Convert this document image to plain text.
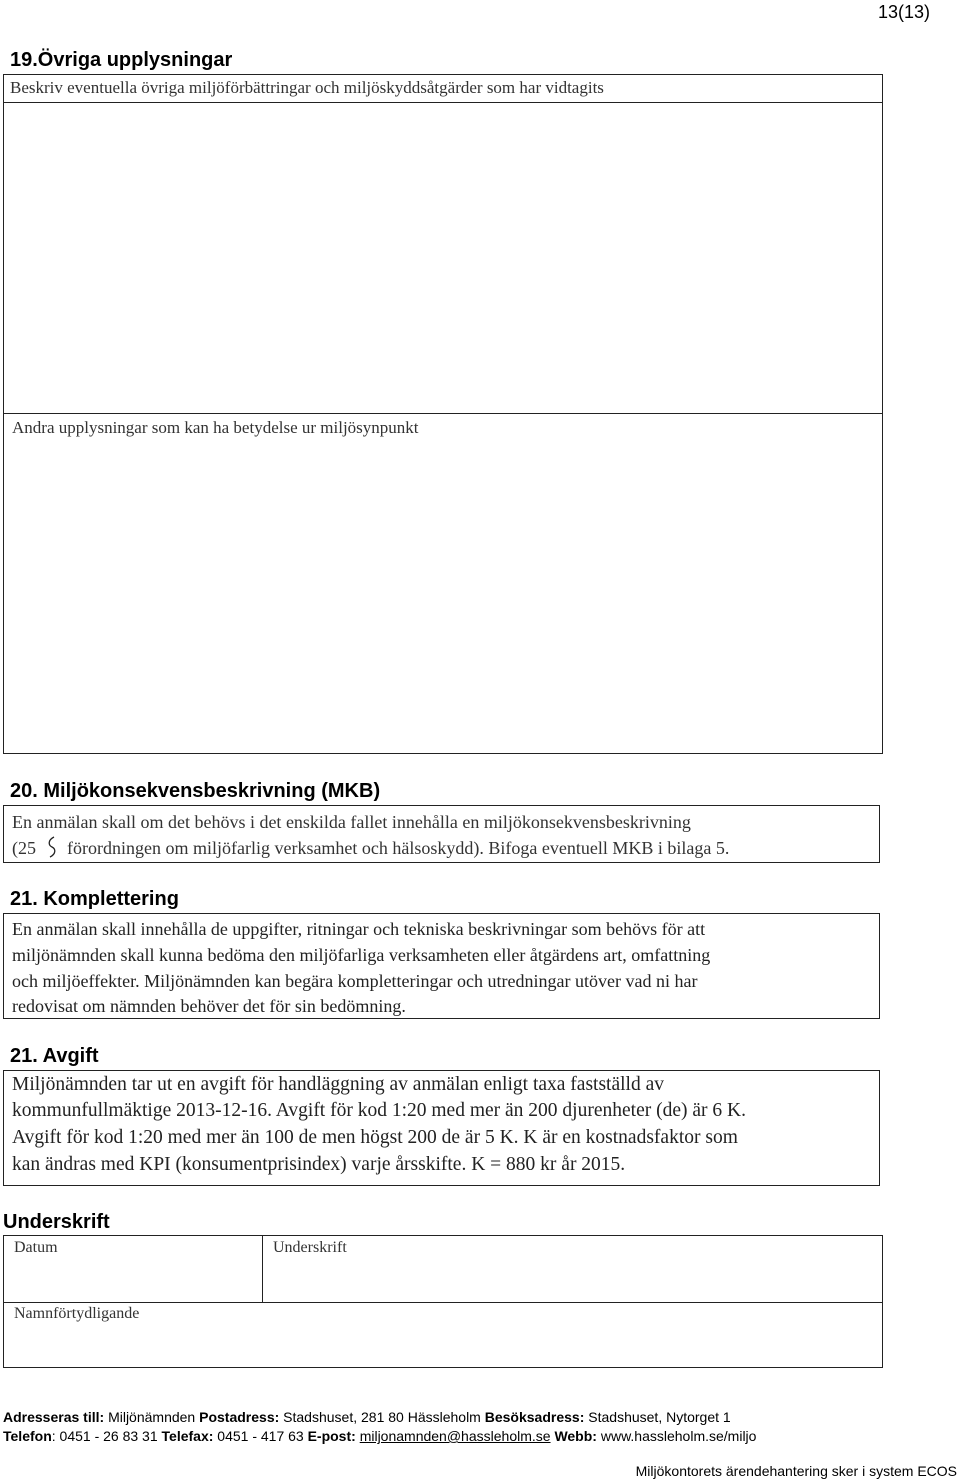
13(13)
19.Övriga upplysningar
Beskriv eventuella övriga miljöförbättringar och miljöskyddsåtgärder som har vidtagits
Andra upplysningar som kan ha betydelse ur miljösynpunkt
20. Miljökonsekvensbeskrivning (MKB)
En anmälan skall om det behövs i det enskilda fallet innehålla en miljökonsekvensbeskrivning
(25 förordningen om miljöfarlig verksamhet och hälsoskydd). Bifoga eventuell MKB i bilaga 5.
21. Komplettering
En anmälan skall innehålla de uppgifter, ritningar och tekniska beskrivningar som behövs för att
miljönämnden skall kunna bedöma den miljöfarliga verksamheten eller åtgärdens art, omfattning
och miljöeffekter. Miljönämnden kan begära kompletteringar och utredningar utöver vad ni har
redovisat om nämnden behöver det för sin bedömning.
21. Avgift
Miljönämnden tar ut en avgift för handläggning av anmälan enligt taxa fastställd av
kommunfullmäktige 2013-12-16. Avgift för kod 1:20 med mer än 200 djurenheter (de) är 6 K.
Avgift för kod 1:20 med mer än 100 de men högst 200 de är 5 K. K är en kostnadsfaktor som
kan ändras med KPI (konsumentprisindex) varje årsskifte. K = 880 kr år 2015.
Underskrift
Datum	Underskrift
Namnförtydligande
Adresseras till: Miljönämnden Postadress: Stadshuset, 281 80 Hässleholm Besöksadress: Stadshuset, Nytorget 1
Telefon: 0451 - 26 83 31 Telefax: 0451 - 417 63 E-post: miljonamnden@hassleholm.se Webb: www.hassleholm.se/miljo
Miljökontorets ärendehantering sker i system ECOS
